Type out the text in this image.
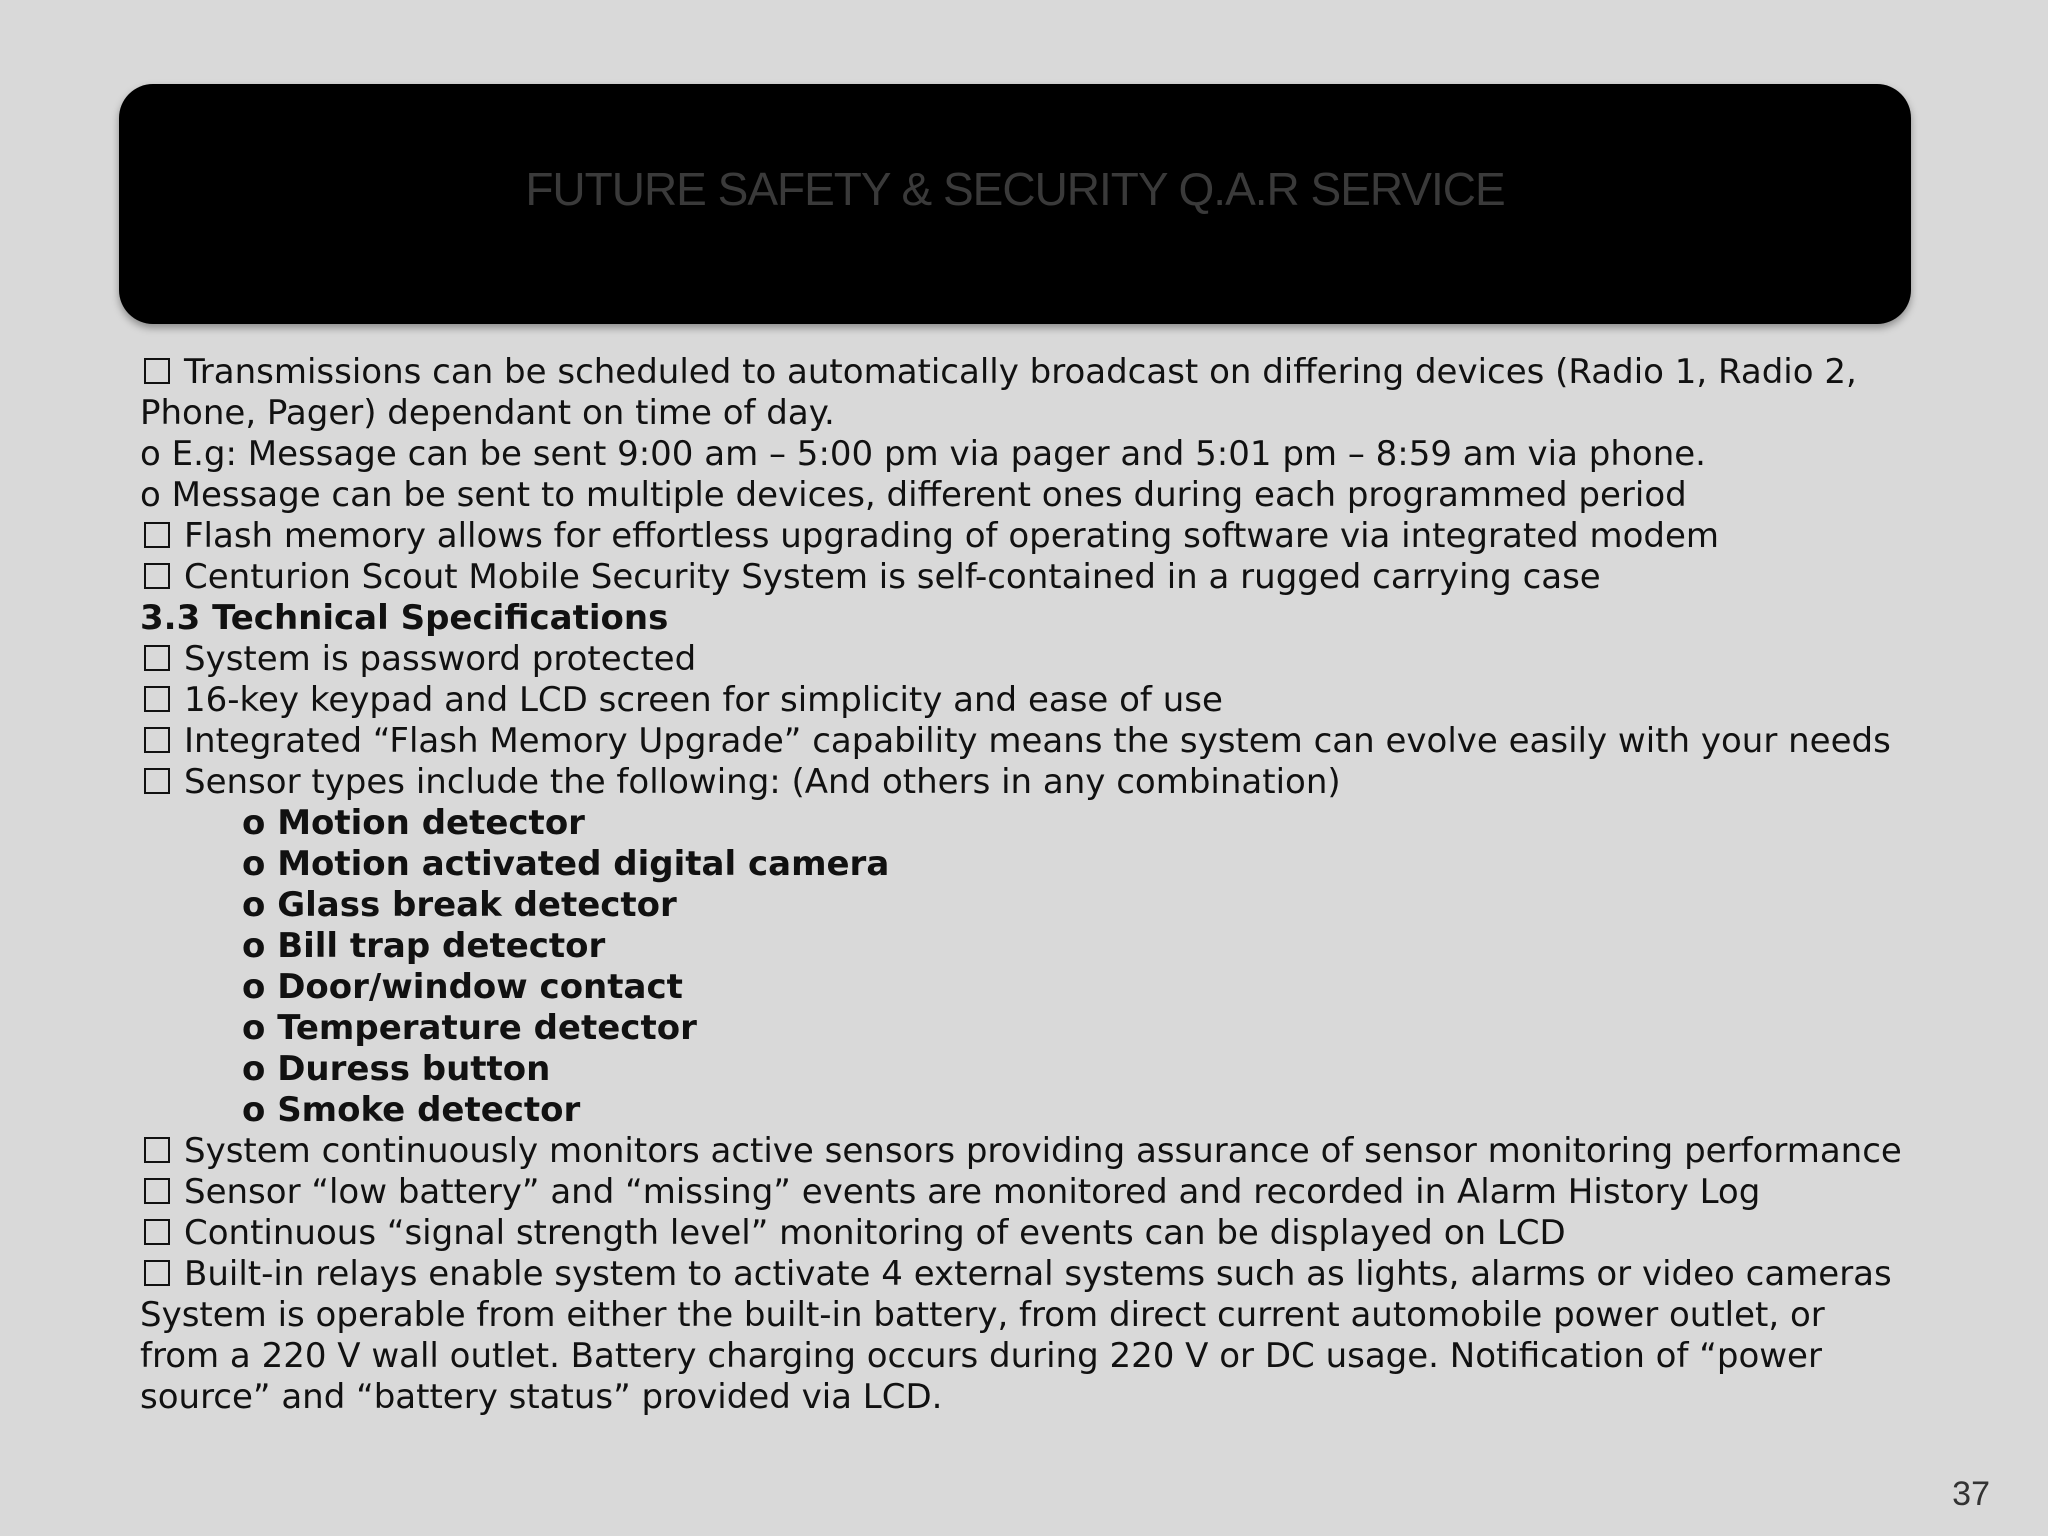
FUTURE SAFETY & SECURITY Q.A.R SERVICE
Transmissions can be scheduled to automatically broadcast on differing devices (Radio 1, Radio 2,
Phone, Pager) dependant on time of day.
o E.g: Message can be sent 9:00 am – 5:00 pm via pager and 5:01 pm – 8:59 am via phone.
o Message can be sent to multiple devices, different ones during each programmed period
Flash memory allows for effortless upgrading of operating software via integrated modem
Centurion Scout Mobile Security System is self-contained in a rugged carrying case
3.3 Technical Specifications
System is password protected
16-key keypad and LCD screen for simplicity and ease of use
Integrated “Flash Memory Upgrade” capability means the system can evolve easily with your needs
Sensor types include the following: (And others in any combination)
o Motion detector
o Motion activated digital camera
o Glass break detector
o Bill trap detector
o Door/window contact
o Temperature detector
o Duress button
o Smoke detector
System continuously monitors active sensors providing assurance of sensor monitoring performance
Sensor “low battery” and “missing” events are monitored and recorded in Alarm History Log
Continuous “signal strength level” monitoring of events can be displayed on LCD
Built-in relays enable system to activate 4 external systems such as lights, alarms or video cameras
System is operable from either the built-in battery, from direct current automobile power outlet, or
from a 220 V wall outlet. Battery charging occurs during 220 V or DC usage. Notification of “power
source” and “battery status” provided via LCD.
37
